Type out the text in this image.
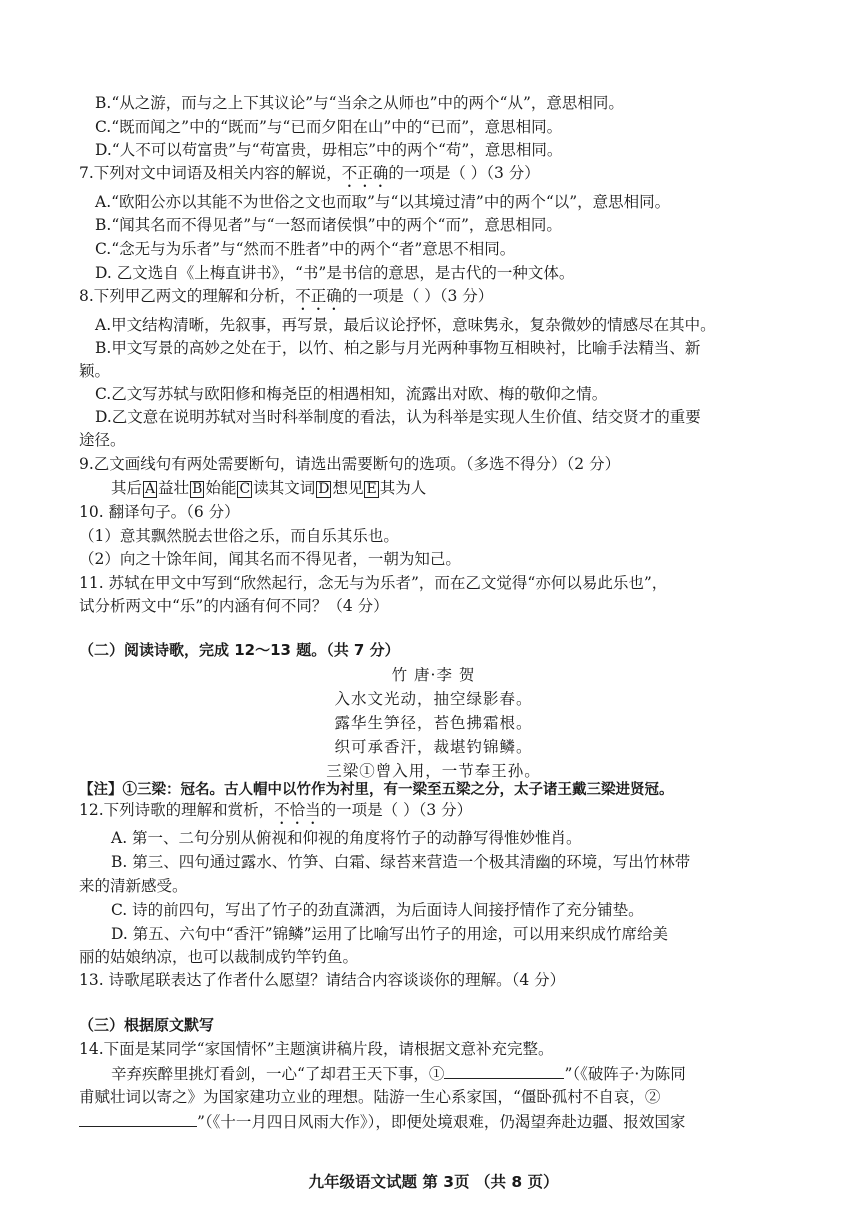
B.“从之游，而与之上下其议论”与“当余之从师也”中的两个“从”，意思相同。
C.“既而闻之”中的“既而”与“已而夕阳在山”中的“已而”，意思相同。
D.“人不可以苟富贵”与“苟富贵，毋相忘”中的两个“苟”，意思相同。
7.下列对文中词语及相关内容的解说，不正确的一项是（ ）（3 分）
A.“欧阳公亦以其能不为世俗之文也而取”与“以其境过清”中的两个“以”，意思相同。
B.“闻其名而不得见者”与“一怒而诸侯惧”中的两个“而”，意思相同。
C.“念无与为乐者”与“然而不胜者”中的两个“者”意思不相同。
D. 乙文选自《上梅直讲书》，“书”是书信的意思，是古代的一种文体。
8.下列甲乙两文的理解和分析，不正确的一项是（ ）（3 分）
A.甲文结构清晰，先叙事，再写景，最后议论抒怀，意味隽永，复杂微妙的情感尽在其中。
B.甲文写景的高妙之处在于，以竹、柏之影与月光两种事物互相映衬，比喻手法精当、新
颖。
C.乙文写苏轼与欧阳修和梅尧臣的相遇相知，流露出对欧、梅的敬仰之情。
D.乙文意在说明苏轼对当时科举制度的看法，认为科举是实现人生价值、结交贤才的重要
途径。
9.乙文画线句有两处需要断句，请选出需要断句的选项。（多选不得分）（2 分）
其后 A 益壮 B 始能 C 读其文词 D 想见 E 其为人
10. 翻译句子。（6 分）
（1）意其飘然脱去世俗之乐，而自乐其乐也。
（2）向之十馀年间，闻其名而不得见者，一朝为知己。
11. 苏轼在甲文中写到“欣然起行，念无与为乐者”，而在乙文觉得“亦何以易此乐也”，
试分析两文中“乐”的内涵有何不同？（4 分）
（二）阅读诗歌，完成 12～13 题。（共 7 分）
竹 唐·李 贺
入水文光动，抽空绿影春。
露华生笋径，苔色拂霜根。
织可承香汗，裁堪钓锦鳞。
三梁①曾入用，一节奉王孙。
【注】①三梁：冠名。古人帽中以竹作为衬里，有一梁至五梁之分，太子诸王戴三梁进贤冠。
12.下列诗歌的理解和赏析，不恰当的一项是（ ）（3 分）
A. 第一、二句分别从俯视和仰视的角度将竹子的动静写得惟妙惟肖。
B. 第三、四句通过露水、竹笋、白霜、绿苔来营造一个极其清幽的环境，写出竹林带
来的清新感受。
C. 诗的前四句，写出了竹子的劲直潇洒，为后面诗人间接抒情作了充分铺垫。
D. 第五、六句中“香汗”锦鳞”运用了比喻写出竹子的用途，可以用来织成竹席给美
丽的姑娘纳凉，也可以裁制成钓竿钓鱼。
13. 诗歌尾联表达了作者什么愿望？请结合内容谈谈你的理解。（4 分）
（三）根据原文默写
14.下面是某同学“家国情怀”主题演讲稿片段，请根据文意补充完整。
辛弃疾醉里挑灯看剑，一心“了却君王天下事，①	”（《破阵子·为陈同
甫赋壮词以寄之》为国家建功立业的理想。陆游一生心系家国，“僵卧孤村不自哀，②
”（《十一月四日风雨大作》），即便处境艰难，仍渴望奔赴边疆、报效国家
九年级语文试题 第 3页 （共 8 页）
